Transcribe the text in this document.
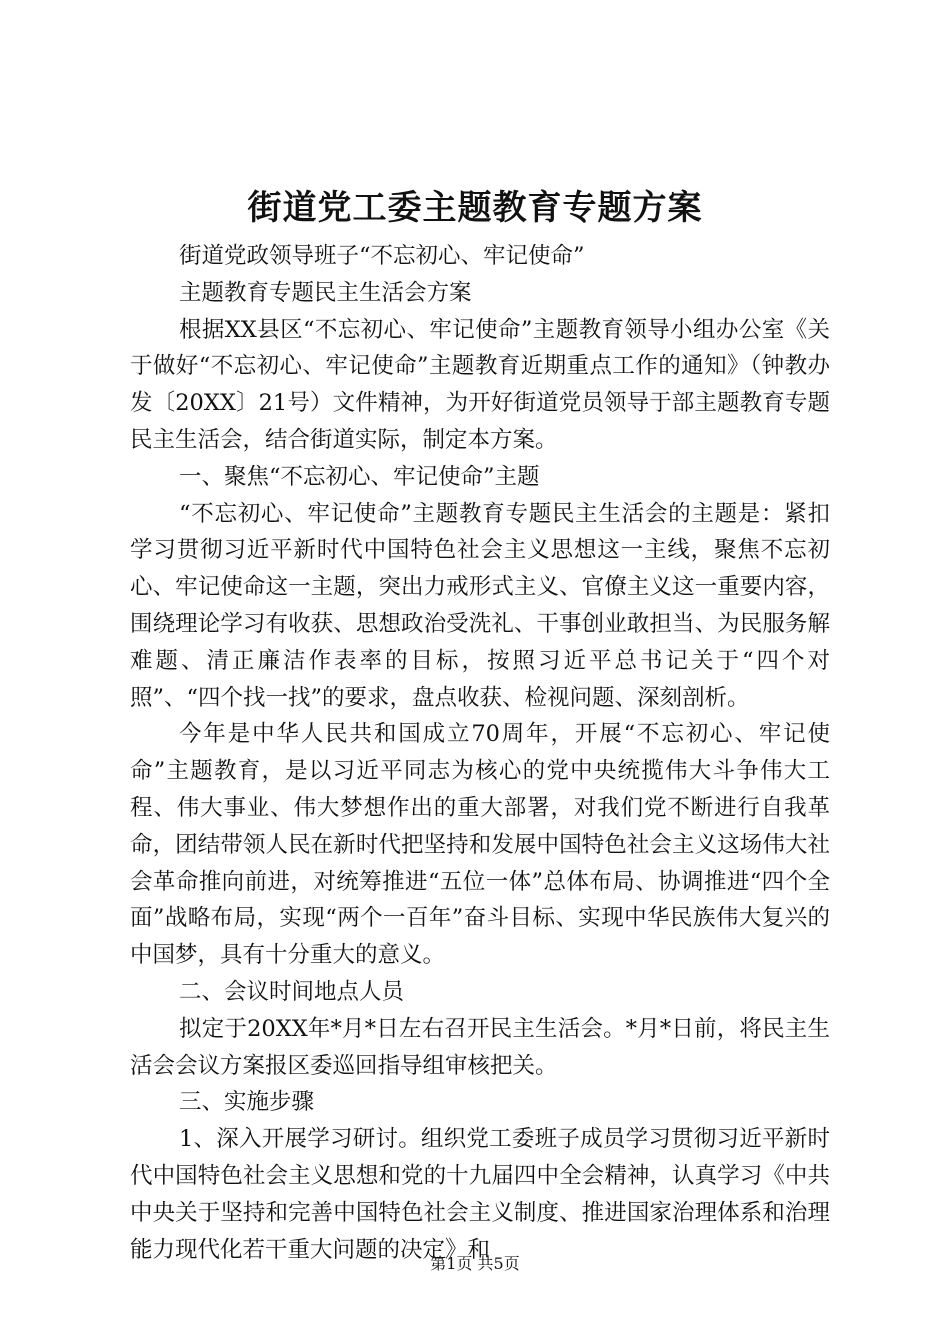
街道党工委主题教育专题方案

街道党政领导班子“不忘初心、牢记使命”

主题教育专题民主生活会方案

根据XX县区“不忘初心、牢记使命”主题教育领导小组办公室《关于做好“不忘初心、牢记使命”主题教育近期重点工作的通知》（钟教办发〔20XX〕21号）文件精神，为开好街道党员领导于部主题教育专题民主生活会，结合街道实际，制定本方案。

一、聚焦“不忘初心、牢记使命”主题

“不忘初心、牢记使命”主题教育专题民主生活会的主题是：紧扣学习贯彻习近平新时代中国特色社会主义思想这一主线，聚焦不忘初心、牢记使命这一主题，突出力戒形式主义、官僚主义这一重要内容，围绕理论学习有收获、思想政治受洗礼、干事创业敢担当、为民服务解难题、清正廉洁作表率的目标，按照习近平总书记关于“四个对照”、“四个找一找”的要求，盘点收获、检视问题、深刻剖析。

今年是中华人民共和国成立70周年，开展“不忘初心、牢记使命”主题教育，是以习近平同志为核心的党中央统揽伟大斗争伟大工程、伟大事业、伟大梦想作出的重大部署，对我们党不断进行自我革命，团结带领人民在新时代把坚持和发展中国特色社会主义这场伟大社会革命推向前进，对统筹推进“五位一体”总体布局、协调推进“四个全面”战略布局，实现“两个一百年”奋斗目标、实现中华民族伟大复兴的中国梦，具有十分重大的意义。

二、会议时间地点人员

拟定于20XX年*月*日左右召开民主生活会。*月*日前，将民主生活会会议方案报区委巡回指导组审核把关。

三、实施步骤

1、深入开展学习研讨。组织党工委班子成员学习贯彻习近平新时代中国特色社会主义思想和党的十九届四中全会精神，认真学习《中共中央关于坚持和完善中国特色社会主义制度、推进国家治理体系和治理能力现代化若干重大问题的决定》和

第1页 共5页
